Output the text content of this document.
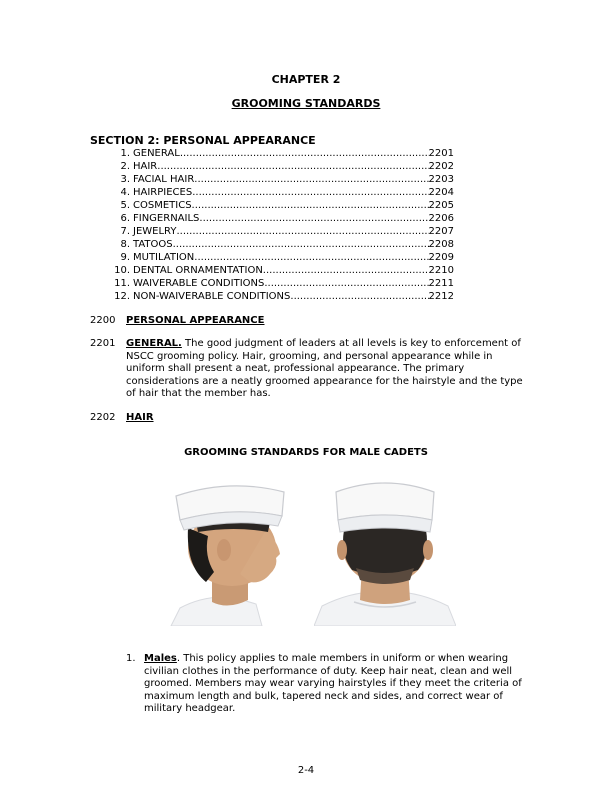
CHAPTER 2
GROOMING STANDARDS
SECTION 2: PERSONAL APPEARANCE
1. GENERAL .....	2201
2. HAIR .....	2202
3. FACIAL HAIR .....	2203
4. HAIRPIECES .....	2204
5. COSMETICS .....	2205
6. FINGERNAILS .....	2206
7. JEWELRY .....	2207
8. TATOOS .....	2208
9. MUTILATION .....	2209
10. DENTAL ORNAMENTATION .....	2210
11. WAIVERABLE CONDITIONS .....	2211
12. NON-WAIVERABLE CONDITIONS .....	2212
2200 PERSONAL APPEARANCE
2201 GENERAL. The good judgment of leaders at all levels is key to enforcement of NSCC grooming policy. Hair, grooming, and personal appearance while in uniform shall present a neat, professional appearance. The primary considerations are a neatly groomed appearance for the hairstyle and the type of hair that the member has.
2202 HAIR
GROOMING STANDARDS FOR MALE CADETS
1. Males. This policy applies to male members in uniform or when wearing civilian clothes in the performance of duty. Keep hair neat, clean and well groomed. Members may wear varying hairstyles if they meet the criteria of maximum length and bulk, tapered neck and sides, and correct wear of military headgear.
2-4
